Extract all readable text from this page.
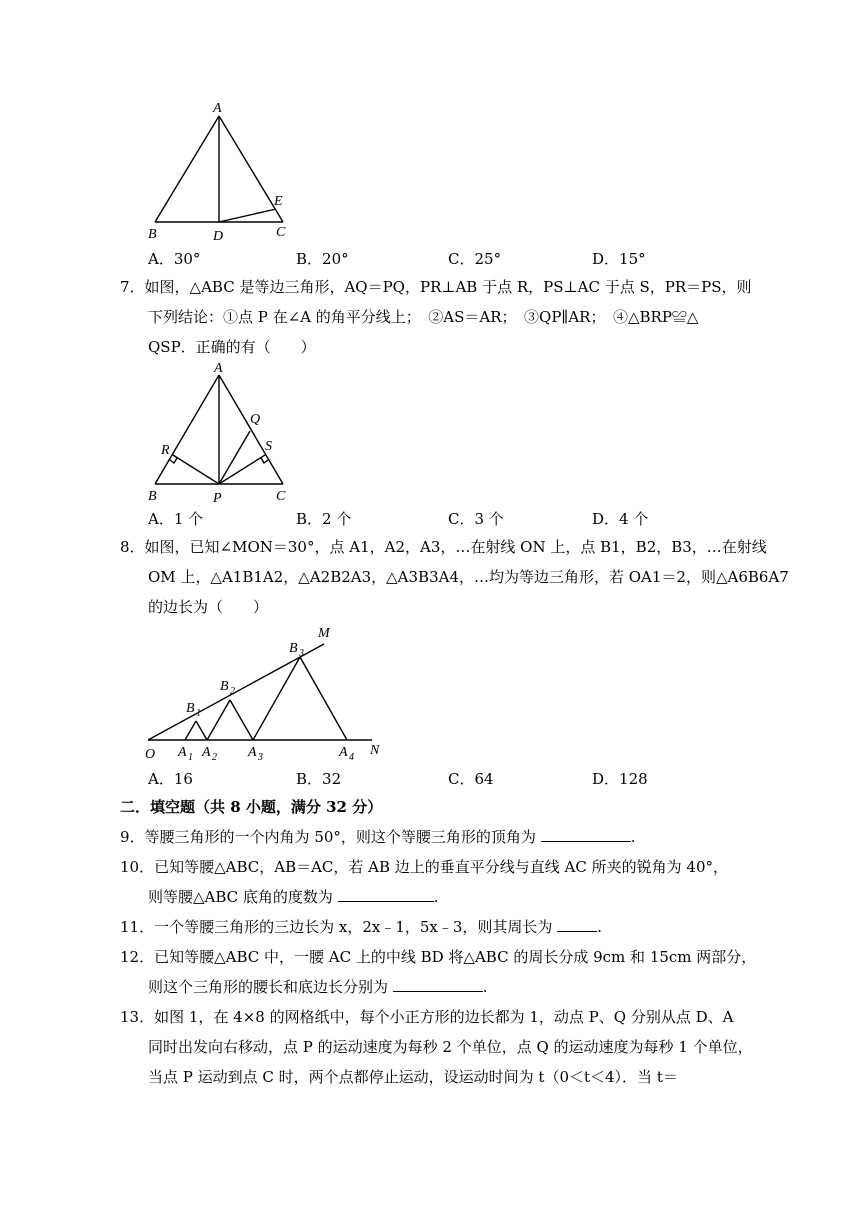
A
B	D	C
E
A．30°	B．20°	C．25°	D．15°
7．如图，△ABC 是等边三角形，AQ＝PQ，PR⊥AB 于点 R，PS⊥AC 于点 S，PR＝PS，则
下列结论：①点 P 在∠A 的角平分线上；　②AS＝AR；　③QP∥AR；　④△BRP≌△
QSP．正确的有（　　）
A
Q
R	S
B	P	C
A．1 个	B．2 个	C．3 个	D．4 个
8．如图，已知∠MON＝30°，点 A1，A2，A3，…在射线 ON 上，点 B1，B2，B3，…在射线
OM 上，△A1B1A2，△A2B2A3，△A3B3A4，…均为等边三角形，若 OA1＝2，则△A6B6A7
的边长为（　　）
O A 1 A 2 A 3	A 4 N
B 1
B 2
B 3
M
A．16	B．32	C．64	D．128
二．填空题（共 8 小题，满分 32 分）
9．等腰三角形的一个内角为 50°，则这个等腰三角形的顶角为	.
10．已知等腰△ABC，AB＝AC，若 AB 边上的垂直平分线与直线 AC 所夹的锐角为 40°，
则等腰△ABC 底角的度数为	.
11．一个等腰三角形的三边长为 x，2x﹣1，5x﹣3，则其周长为	.
12．已知等腰△ABC 中，一腰 AC 上的中线 BD 将△ABC 的周长分成 9cm 和 15cm 两部分，
则这个三角形的腰长和底边长分别为	.
13．如图 1，在 4×8 的网格纸中，每个小正方形的边长都为 1，动点 P、Q 分别从点 D、A
同时出发向右移动，点 P 的运动速度为每秒 2 个单位，点 Q 的运动速度为每秒 1 个单位，
当点 P 运动到点 C 时，两个点都停止运动，设运动时间为 t（0＜t＜4）．当 t＝
